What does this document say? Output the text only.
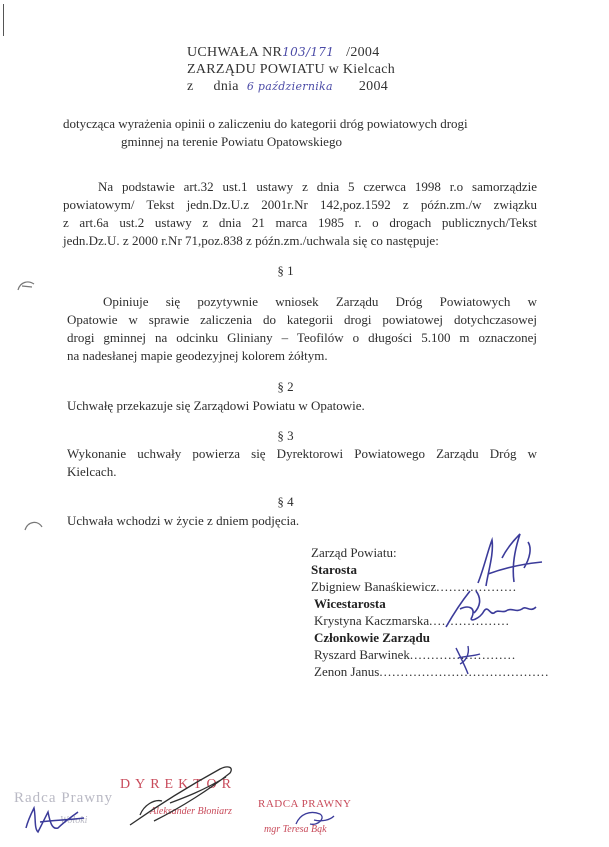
UCHWAŁA NR103/171 /2004
ZARZĄDU POWIATU w Kielcach
z dnia 6 października 2004
dotycząca wyrażenia opinii o zaliczeniu do kategorii dróg powiatowych drogi
gminnej na terenie Powiatu Opatowskiego
Na podstawie art.32 ust.1 ustawy z dnia 5 czerwca 1998 r.o samorządzie
powiatowym/ Tekst jedn.Dz.U.z 2001r.Nr 142,poz.1592 z późn.zm./w związku
z art.6a ust.2 ustawy z dnia 21 marca 1985 r. o drogach publicznych/Tekst
jedn.Dz.U. z 2000 r.Nr 71,poz.838 z późn.zm./uchwala się co następuje:
§ 1
Opiniuje się pozytywnie wniosek Zarządu Dróg Powiatowych w
Opatowie w sprawie zaliczenia do kategorii drogi powiatowej dotychczasowej
drogi gminnej na odcinku Gliniany – Teofilów o długości 5.100 m oznaczonej
na nadesłanej mapie geodezyjnej kolorem żółtym.
§ 2
Uchwałę przekazuje się Zarządowi Powiatu w Opatowie.
§ 3
Wykonanie uchwały powierza się Dyrektorowi Powiatowego Zarządu Dróg w
Kielcach.
§ 4
Uchwała wchodzi w życie z dniem podjęcia.
Zarząd Powiatu:
Starosta
Zbigniew Banaśkiewicz...................
Wicestarosta
Krystyna Kaczmarska...................
Członkowie Zarządu
Ryszard Barwinek.........................
Zenon Janus........................................
Radca Prawny
Wołoki
DYREKTOR
Aleksander Błoniarz
RADCA PRAWNY
mgr Teresa Bąk
